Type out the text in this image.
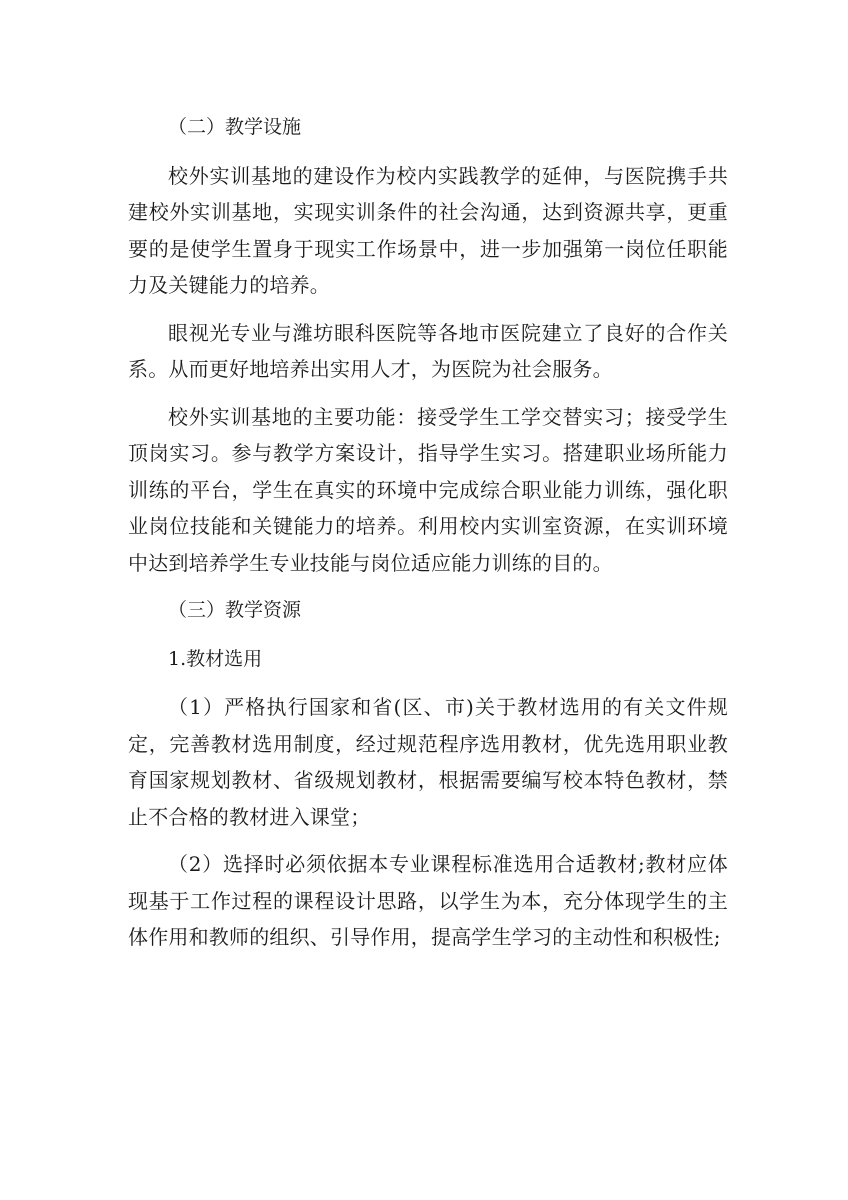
（二）教学设施

校外实训基地的建设作为校内实践教学的延伸，与医院携手共建校外实训基地，实现实训条件的社会沟通，达到资源共享，更重要的是使学生置身于现实工作场景中，进一步加强第一岗位任职能力及关键能力的培养。

眼视光专业与潍坊眼科医院等各地市医院建立了良好的合作关系。从而更好地培养出实用人才，为医院为社会服务。

校外实训基地的主要功能：接受学生工学交替实习；接受学生顶岗实习。参与教学方案设计，指导学生实习。搭建职业场所能力训练的平台，学生在真实的环境中完成综合职业能力训练，强化职业岗位技能和关键能力的培养。利用校内实训室资源，在实训环境中达到培养学生专业技能与岗位适应能力训练的目的。

（三）教学资源

1.教材选用

（1）严格执行国家和省(区、市)关于教材选用的有关文件规定，完善教材选用制度，经过规范程序选用教材，优先选用职业教育国家规划教材、省级规划教材，根据需要编写校本特色教材，禁止不合格的教材进入课堂；

（2）选择时必须依据本专业课程标准选用合适教材;教材应体现基于工作过程的课程设计思路，以学生为本，充分体现学生的主体作用和教师的组织、引导作用，提高学生学习的主动性和积极性;
